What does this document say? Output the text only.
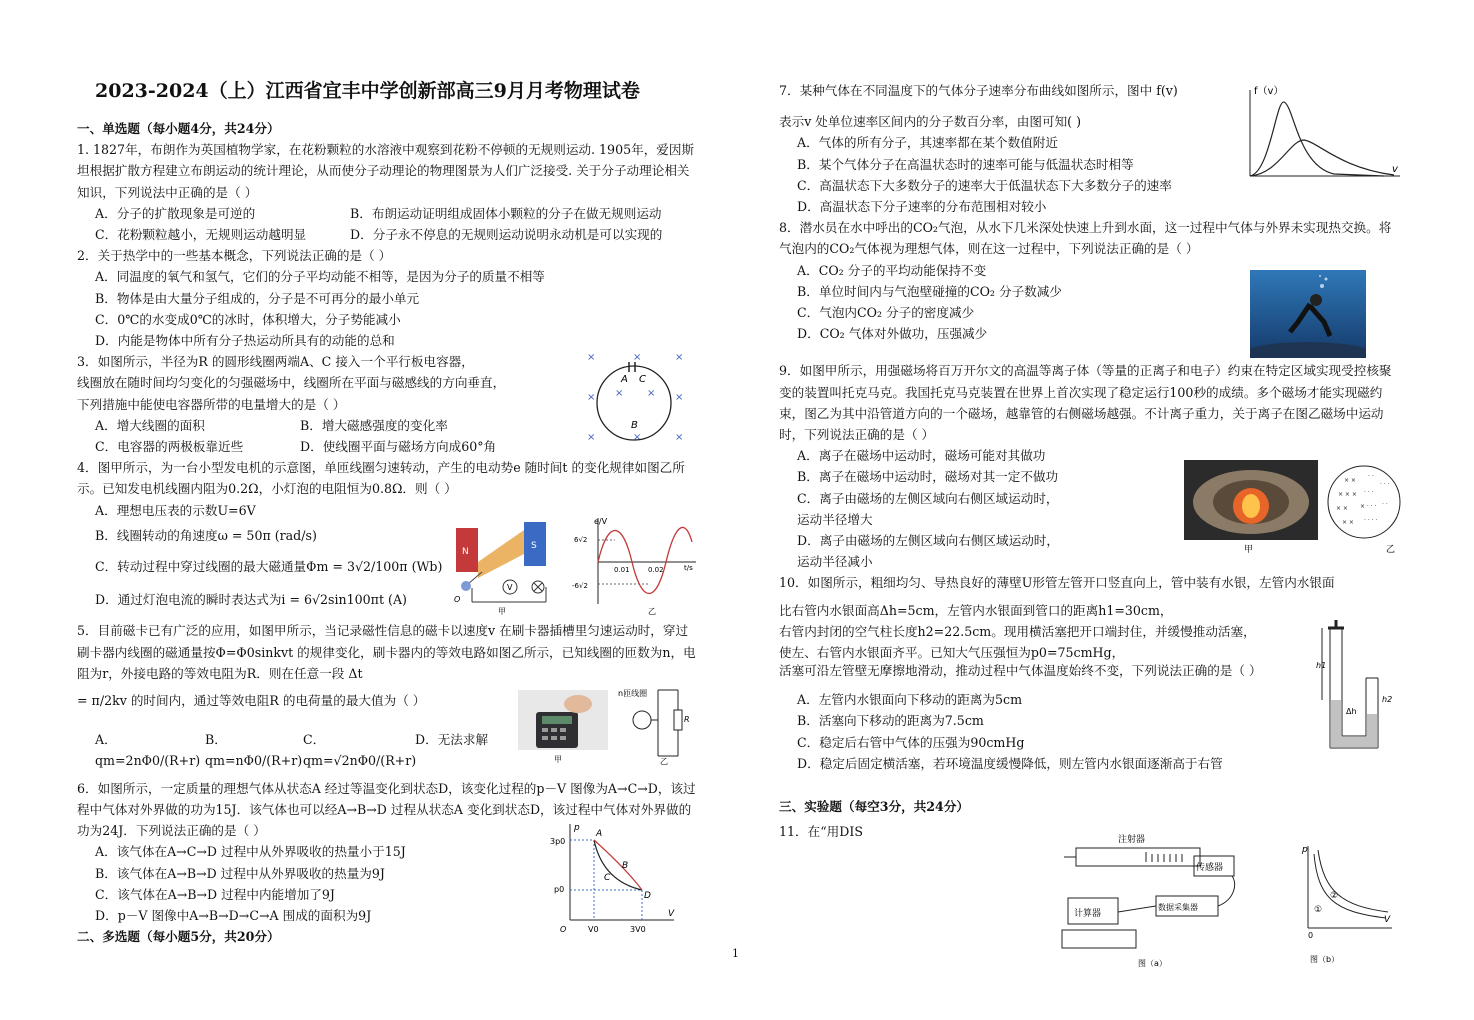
2023-2024（上）江西省宜丰中学创新部高三9月月考物理试卷

一、单选题（每小题4分，共24分）

1. 1827年，布朗作为英国植物学家，在花粉颗粒的水溶液中观察到花粉不停顿的无规则运动. 1905年，爱因斯坦根据扩散方程建立布朗运动的统计理论，从而使分子动理论的物理图景为人们广泛接受. 关于分子动理论相关知识，下列说法中正确的是（ ）

A．分子的扩散现象是可逆的	B．布朗运动证明组成固体小颗粒的分子在做无规则运动
C．花粉颗粒越小，无规则运动越明显	D．分子永不停息的无规则运动说明永动机是可以实现的

2．关于热学中的一些基本概念，下列说法正确的是（ ）

A．同温度的氧气和氢气，它们的分子平均动能不相等，是因为分子的质量不相等

B．物体是由大量分子组成的，分子是不可再分的最小单元

C．0℃的水变成0℃的冰时，体积增大，分子势能减小

D．内能是物体中所有分子热运动所具有的动能的总和

3．如图所示，半径为R 的圆形线圈两端A、C 接入一个平行板电容器，

线圈放在随时间均匀变化的匀强磁场中，线圈所在平面与磁感线的方向垂直，

下列措施中能使电容器所带的电量增大的是（ ）

A．增大线圈的面积	B．增大磁感强度的变化率
C．电容器的两极板靠近些	D．使线圈平面与磁场方向成60°角

4．图甲所示，为一台小型发电机的示意图，单匝线圈匀速转动，产生的电动势e 随时间t 的变化规律如图乙所示。已知发电机线圈内阻为0.2Ω，小灯泡的电阻恒为0.8Ω．则（ ）

A．理想电压表的示数U=6V

B．线圈转动的角速度ω = 50π (rad/s)

C．转动过程中穿过线圈的最大磁通量Φm = 3√2/100π (Wb)

D．通过灯泡电流的瞬时表达式为i = 6√2sin100πt (A)

5．目前磁卡已有广泛的应用，如图甲所示，当记录磁性信息的磁卡以速度v 在刷卡器插槽里匀速运动时，穿过刷卡器内线圈的磁通量按Φ=Φ0sinkvt 的规律变化，刷卡器内的等效电路如图乙所示，已知线圈的匝数为n，电阻为r，外接电路的等效电阻为R．则在任意一段 Δt

= π/2kv 的时间内，通过等效电阻R 的电荷量的最大值为（ ）

A．qm=2nΦ0/(R+r)
B．qm=nΦ0/(R+r)
C．qm=√2nΦ0/(R+r)
D．无法求解

6．如图所示，一定质量的理想气体从状态A 经过等温变化到状态D，该变化过程的p－V 图像为A→C→D，该过程中气体对外界做的功为15J．该气体也可以经A→B→D 过程从状态A 变化到状态D，该过程中气体对外界做的功为24J．下列说法正确的是（ ）

A．该气体在A→C→D 过程中从外界吸收的热量小于15J

B．该气体在A→B→D 过程中从外界吸收的热量为9J

C．该气体在A→B→D 过程中内能增加了9J

D．p－V 图像中A→B→D→C→A 围成的面积为9J

二、多选题（每小题5分，共20分）

×	×	×
×	×
×	×	×
× ×
A C
B
N
S
V
O
甲
e/V
6√2
-6√2
0.01	0.02	t/s
乙
甲
n匝线圈
R
乙
p
V
3p0
p0
O	V0	3V0
A
B
C
D

7．某种气体在不同温度下的气体分子速率分布曲线如图所示，图中 f(v)

表示v 处单位速率区间内的分子数百分率，由图可知( )

A．气体的所有分子，其速率都在某个数值附近

B．某个气体分子在高温状态时的速率可能与低温状态时相等

C．高温状态下大多数分子的速率大于低温状态下大多数分子的速率

D．高温状态下分子速率的分布范围相对较小

8．潜水员在水中呼出的CO₂气泡，从水下几米深处快速上升到水面，这一过程中气体与外界未实现热交换。将气泡内的CO₂气体视为理想气体，则在这一过程中，下列说法正确的是（ ）

A．CO₂ 分子的平均动能保持不变

B．单位时间内与气泡壁碰撞的CO₂ 分子数减少

C．气泡内CO₂ 分子的密度减少

D．CO₂ 气体对外做功，压强减少

9．如图甲所示，用强磁场将百万开尔文的高温等离子体（等量的正离子和电子）约束在特定区域实现受控核聚变的装置叫托克马克。我国托克马克装置在世界上首次实现了稳定运行100秒的成绩。多个磁场才能实现磁约束，图乙为其中沿管道方向的一个磁场，越靠管的右侧磁场越强。不计离子重力，关于离子在图乙磁场中运动时，下列说法正确的是（ ）

A．离子在磁场中运动时，磁场可能对其做功

B．离子在磁场中运动时，磁场对其一定不做功

C．离子由磁场的左侧区域向右侧区域运动时，

运动半径增大

D．离子由磁场的左侧区域向右侧区域运动时，

运动半径减小

10．如图所示，粗细均匀、导热良好的薄壁U形管左管开口竖直向上，管中装有水银，左管内水银面

比右管内水银面高Δh=5cm，左管内水银面到管口的距离h1=30cm，

右管内封闭的空气柱长度h2=22.5cm。现用横活塞把开口端封住，并缓慢推动活塞，

使左、右管内水银面齐平。已知大气压强恒为p0=75cmHg，

活塞可沿左管壁无摩擦地滑动，推动过程中气体温度始终不变，下列说法正确的是（ ）

A．左管内水银面向下移动的距离为5cm

B．活塞向下移动的距离为7.5cm

C．稳定后右管中气体的压强为90cmHg

D．稳定后固定横活塞，若环境温度缓慢降低，则左管内水银面逐渐高于右管

三、实验题（每空3分，共24分）

11．在“用DIS

f（v）
v
甲
× ×
· ·
· · ·
× × × · · ·
× × × · · ·
× × · · · ·
· ·
乙
h1
Δh
h2
注射器
传感器
计算器
数据采集器
图（a）
p
V
0
①
②
图（b）
1
